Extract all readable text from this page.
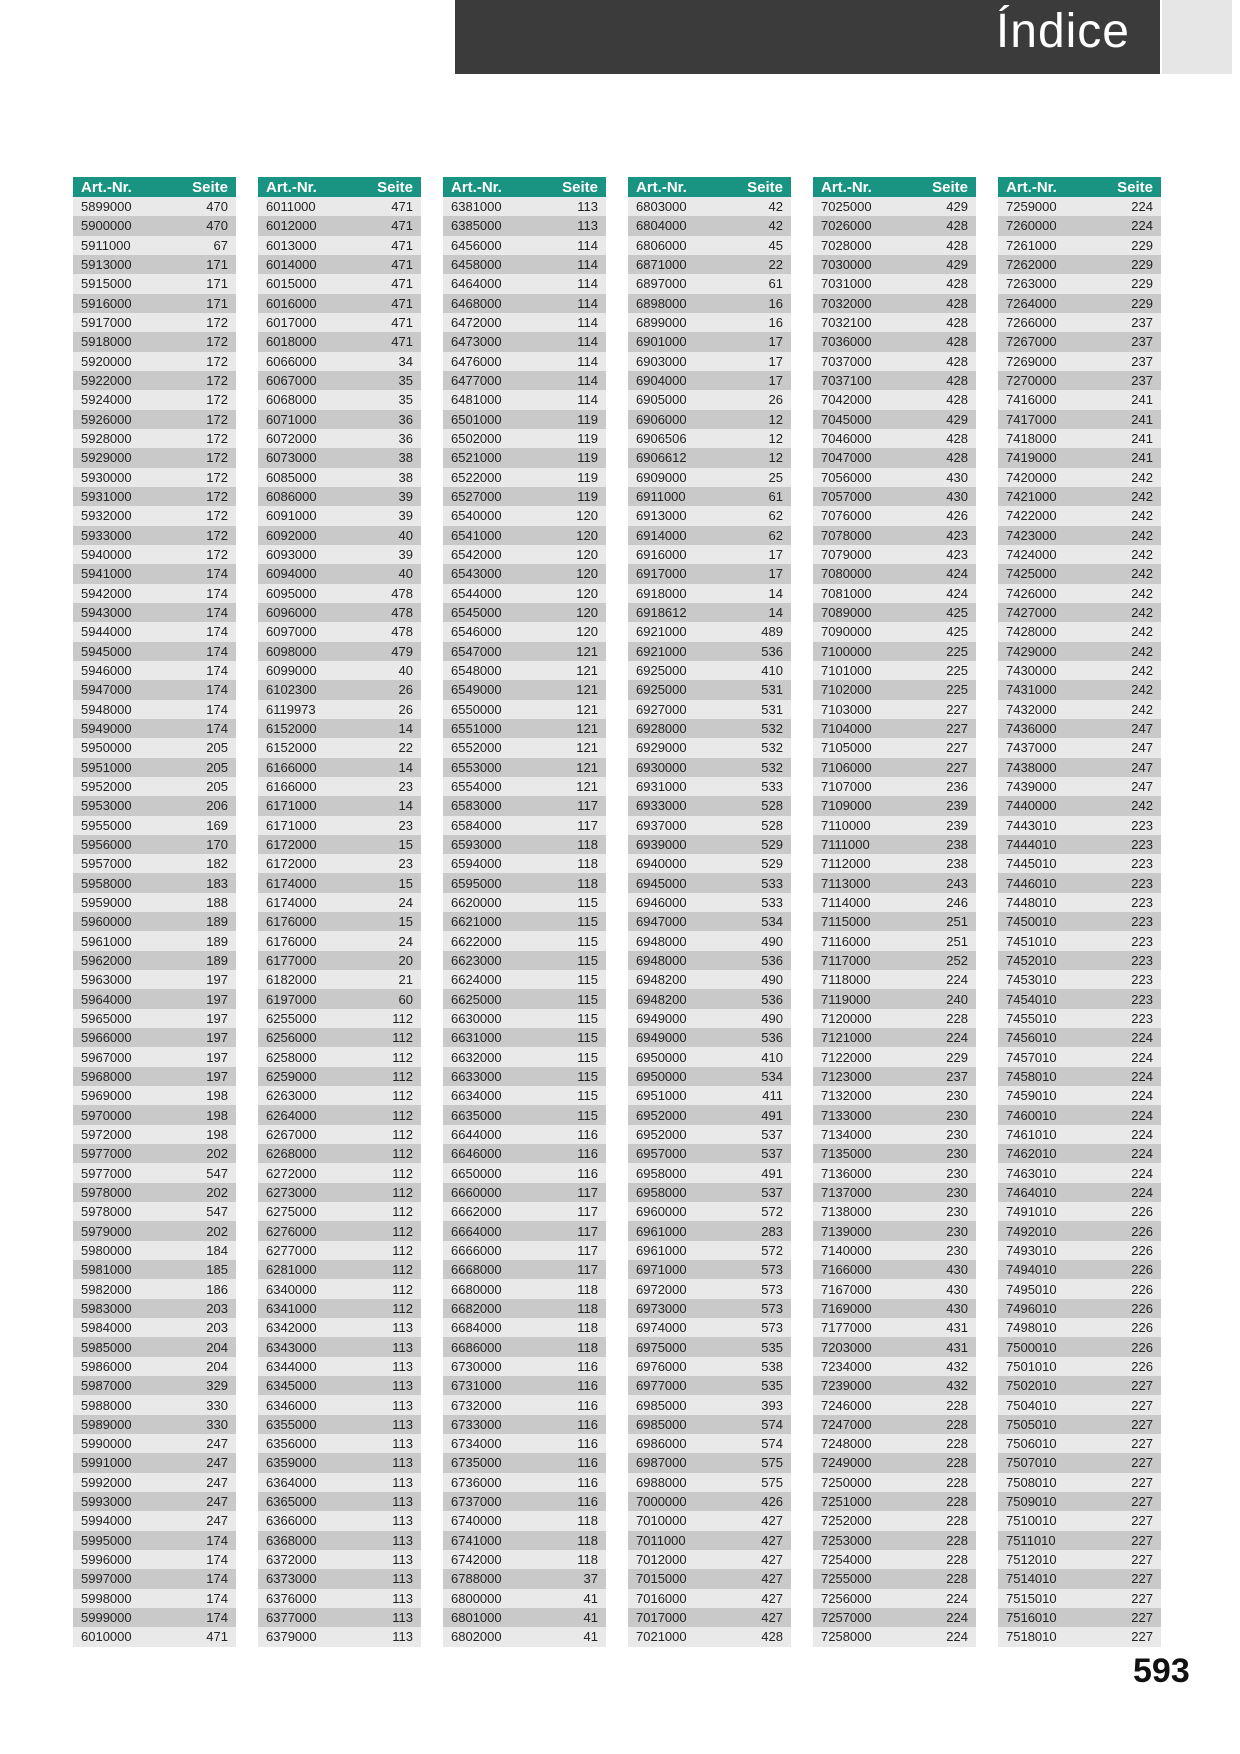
Índice
Art.-Nr.	Seite
5899000	470
5900000	470
5911000	67
5913000	171
5915000	171
5916000	171
5917000	172
5918000	172
5920000	172
5922000	172
5924000	172
5926000	172
5928000	172
5929000	172
5930000	172
5931000	172
5932000	172
5933000	172
5940000	172
5941000	174
5942000	174
5943000	174
5944000	174
5945000	174
5946000	174
5947000	174
5948000	174
5949000	174
5950000	205
5951000	205
5952000	205
5953000	206
5955000	169
5956000	170
5957000	182
5958000	183
5959000	188
5960000	189
5961000	189
5962000	189
5963000	197
5964000	197
5965000	197
5966000	197
5967000	197
5968000	197
5969000	198
5970000	198
5972000	198
5977000	202
5977000	547
5978000	202
5978000	547
5979000	202
5980000	184
5981000	185
5982000	186
5983000	203
5984000	203
5985000	204
5986000	204
5987000	329
5988000	330
5989000	330
5990000	247
5991000	247
5992000	247
5993000	247
5994000	247
5995000	174
5996000	174
5997000	174
5998000	174
5999000	174
6010000	471
Art.-Nr.	Seite
6011000	471
6012000	471
6013000	471
6014000	471
6015000	471
6016000	471
6017000	471
6018000	471
6066000	34
6067000	35
6068000	35
6071000	36
6072000	36
6073000	38
6085000	38
6086000	39
6091000	39
6092000	40
6093000	39
6094000	40
6095000	478
6096000	478
6097000	478
6098000	479
6099000	40
6102300	26
6119973	26
6152000	14
6152000	22
6166000	14
6166000	23
6171000	14
6171000	23
6172000	15
6172000	23
6174000	15
6174000	24
6176000	15
6176000	24
6177000	20
6182000	21
6197000	60
6255000	112
6256000	112
6258000	112
6259000	112
6263000	112
6264000	112
6267000	112
6268000	112
6272000	112
6273000	112
6275000	112
6276000	112
6277000	112
6281000	112
6340000	112
6341000	112
6342000	113
6343000	113
6344000	113
6345000	113
6346000	113
6355000	113
6356000	113
6359000	113
6364000	113
6365000	113
6366000	113
6368000	113
6372000	113
6373000	113
6376000	113
6377000	113
6379000	113
Art.-Nr.	Seite
6381000	113
6385000	113
6456000	114
6458000	114
6464000	114
6468000	114
6472000	114
6473000	114
6476000	114
6477000	114
6481000	114
6501000	119
6502000	119
6521000	119
6522000	119
6527000	119
6540000	120
6541000	120
6542000	120
6543000	120
6544000	120
6545000	120
6546000	120
6547000	121
6548000	121
6549000	121
6550000	121
6551000	121
6552000	121
6553000	121
6554000	121
6583000	117
6584000	117
6593000	118
6594000	118
6595000	118
6620000	115
6621000	115
6622000	115
6623000	115
6624000	115
6625000	115
6630000	115
6631000	115
6632000	115
6633000	115
6634000	115
6635000	115
6644000	116
6646000	116
6650000	116
6660000	117
6662000	117
6664000	117
6666000	117
6668000	117
6680000	118
6682000	118
6684000	118
6686000	118
6730000	116
6731000	116
6732000	116
6733000	116
6734000	116
6735000	116
6736000	116
6737000	116
6740000	118
6741000	118
6742000	118
6788000	37
6800000	41
6801000	41
6802000	41
Art.-Nr.	Seite
6803000	42
6804000	42
6806000	45
6871000	22
6897000	61
6898000	16
6899000	16
6901000	17
6903000	17
6904000	17
6905000	26
6906000	12
6906506	12
6906612	12
6909000	25
6911000	61
6913000	62
6914000	62
6916000	17
6917000	17
6918000	14
6918612	14
6921000	489
6921000	536
6925000	410
6925000	531
6927000	531
6928000	532
6929000	532
6930000	532
6931000	533
6933000	528
6937000	528
6939000	529
6940000	529
6945000	533
6946000	533
6947000	534
6948000	490
6948000	536
6948200	490
6948200	536
6949000	490
6949000	536
6950000	410
6950000	534
6951000	411
6952000	491
6952000	537
6957000	537
6958000	491
6958000	537
6960000	572
6961000	283
6961000	572
6971000	573
6972000	573
6973000	573
6974000	573
6975000	535
6976000	538
6977000	535
6985000	393
6985000	574
6986000	574
6987000	575
6988000	575
7000000	426
7010000	427
7011000	427
7012000	427
7015000	427
7016000	427
7017000	427
7021000	428
Art.-Nr.	Seite
7025000	429
7026000	428
7028000	428
7030000	429
7031000	428
7032000	428
7032100	428
7036000	428
7037000	428
7037100	428
7042000	428
7045000	429
7046000	428
7047000	428
7056000	430
7057000	430
7076000	426
7078000	423
7079000	423
7080000	424
7081000	424
7089000	425
7090000	425
7100000	225
7101000	225
7102000	225
7103000	227
7104000	227
7105000	227
7106000	227
7107000	236
7109000	239
7110000	239
7111000	238
7112000	238
7113000	243
7114000	246
7115000	251
7116000	251
7117000	252
7118000	224
7119000	240
7120000	228
7121000	224
7122000	229
7123000	237
7132000	230
7133000	230
7134000	230
7135000	230
7136000	230
7137000	230
7138000	230
7139000	230
7140000	230
7166000	430
7167000	430
7169000	430
7177000	431
7203000	431
7234000	432
7239000	432
7246000	228
7247000	228
7248000	228
7249000	228
7250000	228
7251000	228
7252000	228
7253000	228
7254000	228
7255000	228
7256000	224
7257000	224
7258000	224
Art.-Nr.	Seite
7259000	224
7260000	224
7261000	229
7262000	229
7263000	229
7264000	229
7266000	237
7267000	237
7269000	237
7270000	237
7416000	241
7417000	241
7418000	241
7419000	241
7420000	242
7421000	242
7422000	242
7423000	242
7424000	242
7425000	242
7426000	242
7427000	242
7428000	242
7429000	242
7430000	242
7431000	242
7432000	242
7436000	247
7437000	247
7438000	247
7439000	247
7440000	242
7443010	223
7444010	223
7445010	223
7446010	223
7448010	223
7450010	223
7451010	223
7452010	223
7453010	223
7454010	223
7455010	223
7456010	224
7457010	224
7458010	224
7459010	224
7460010	224
7461010	224
7462010	224
7463010	224
7464010	224
7491010	226
7492010	226
7493010	226
7494010	226
7495010	226
7496010	226
7498010	226
7500010	226
7501010	226
7502010	227
7504010	227
7505010	227
7506010	227
7507010	227
7508010	227
7509010	227
7510010	227
7511010	227
7512010	227
7514010	227
7515010	227
7516010	227
7518010	227
593
